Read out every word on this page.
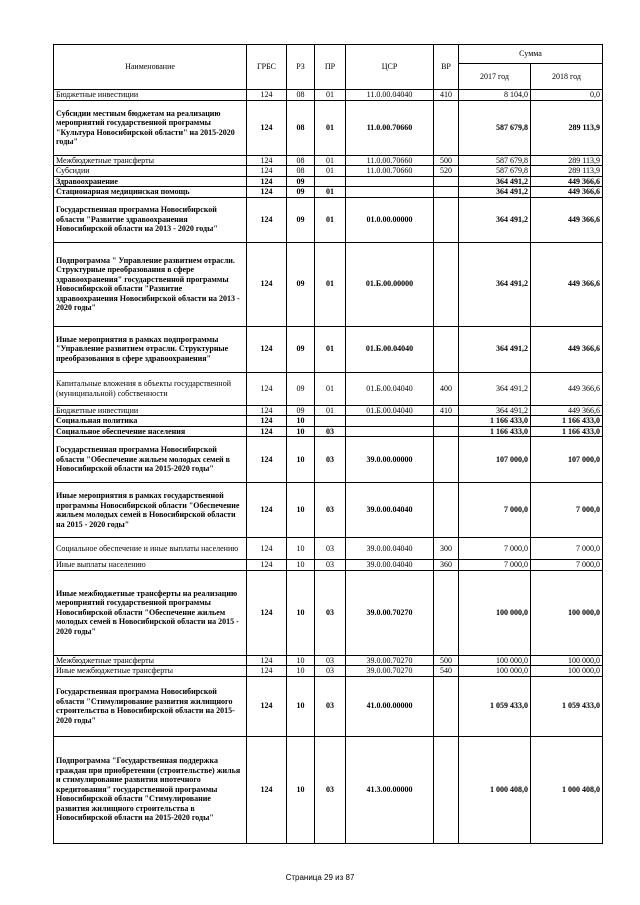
Наименование	ГРБС	РЗ	ПР	ЦСР	ВР	Сумма	
						2017 год	2018 год
Бюджетные инвестиции	124	08	01	11.0.00.04040	410	8 104,0	0,0
Субсидии местным бюджетам на реализацию мероприятий государственной программы "Культура Новосибирской области" на 2015-2020 годы"	124	08	01	11.0.00.70660		587 679,8	289 113,9
Межбюджетные трансферты	124	08	01	11.0.00.70660	500	587 679,8	289 113,9
Субсидии	124	08	01	11.0.00.70660	520	587 679,8	289 113,9
Здравоохранение	124	09				364 491,2	449 366,6
Стационарная медицинская помощь	124	09	01			364 491,2	449 366,6
Государственная программа Новосибирской области "Развитие здравоохранения Новосибирской области на 2013 - 2020 годы"	124	09	01	01.0.00.00000		364 491,2	449 366,6
Подпрограмма " Управление развитием отрасли. Структурные преобразования в сфере здравоохранения" государственной программы Новосибирской области "Развитие здравоохранения Новосибирской области на 2013 - 2020 годы"	124	09	01	01.Б.00.00000		364 491,2	449 366,6
Иные мероприятия в рамках подпрограммы "Управление развитием отрасли. Структурные преобразования в сфере здравоохранения"	124	09	01	01.Б.00.04040		364 491,2	449 366,6
Капитальные вложения в объекты государственной (муниципальной) собственности	124	09	01	01.Б.00.04040	400	364 491,2	449 366,6
Бюджетные инвестиции	124	09	01	01.Б.00.04040	410	364 491,2	449 366,6
Социальная политика	124	10				1 166 433,0	1 166 433,0
Социальное обеспечение населения	124	10	03			1 166 433,0	1 166 433,0
Государственная программа Новосибирской области "Обеспечение жильем молодых семей в Новосибирской области на 2015-2020 годы"	124	10	03	39.0.00.00000		107 000,0	107 000,0
Иные мероприятия в рамках государственной программы Новосибирской области "Обеспечение жильем молодых семей в Новосибирской области на 2015 - 2020 годы"	124	10	03	39.0.00.04040		7 000,0	7 000,0
Социальное обеспечение и иные выплаты населению	124	10	03	39.0.00.04040	300	7 000,0	7 000,0
Иные выплаты населению	124	10	03	39.0.00.04040	360	7 000,0	7 000,0
Иные межбюджетные трансферты на реализацию мероприятий государственной программы Новосибирской области "Обеспечение жильем молодых семей в Новосибирской области на 2015 - 2020 годы"	124	10	03	39.0.00.70270		100 000,0	100 000,0
Межбюджетные трансферты	124	10	03	39.0.00.70270	500	100 000,0	100 000,0
Иные межбюджетные трансферты	124	10	03	39.0.00.70270	540	100 000,0	100 000,0
Государственная программа Новосибирской области "Стимулирование развития жилищного строительства в Новосибирской области на 2015-2020 годы"	124	10	03	41.0.00.00000		1 059 433,0	1 059 433,0
Подпрограмма "Государственная поддержка граждан при приобретении (строительстве) жилья и стимулирование развития ипотечного кредитования" государственной программы Новосибирской области "Стимулирование развития жилищного строительства в Новосибирской области на 2015-2020 годы"	124	10	03	41.3.00.00000		1 000 408,0	1 000 408,0
Страница 29 из 87
